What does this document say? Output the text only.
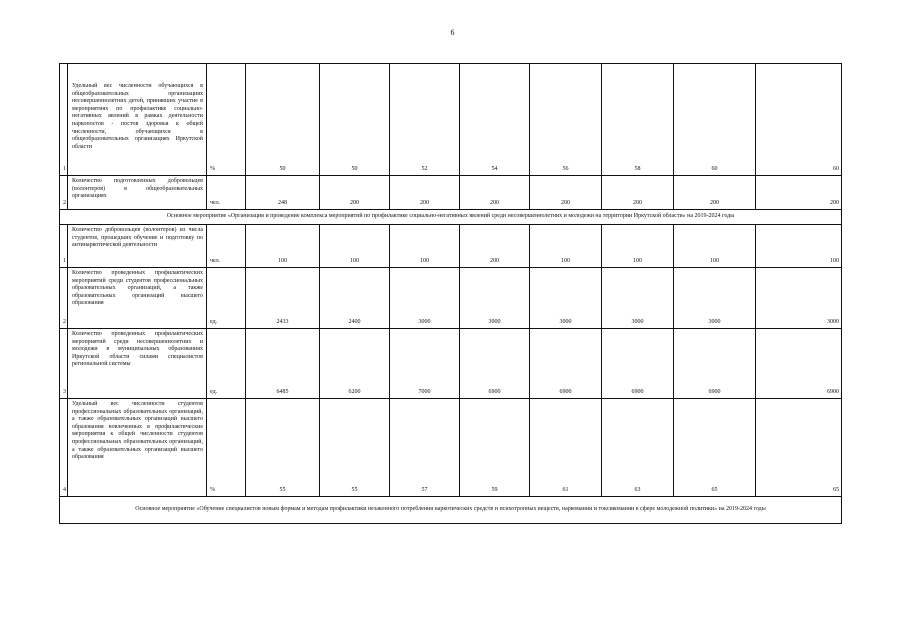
6
1	Удельный вес численности обучающихся в общеобразовательных организациях несовершеннолетних детей, принявших участие в мероприятиях по профилактике социально-негативных явлений в рамках деятельности наркопостов - постов здоровья к общей численности, обучающихся в общеобразовательных организациях Иркутской области	%	50	50	52	54	56	58	60	60
2	Количество подготовленных добровольцев (волонтеров) в общеобразовательных организациях	чел.	248	200	200	200	200	200	200	200
Основное мероприятие «Организация и проведение комплекса мероприятий по профилактике социально-негативных явлений среди несовершеннолетних и молодежи на территории Иркутской области» на 2019-2024 годы										
1	Количество добровольцев (волонтеров) из числа студентов, прошедших обучение и подготовку по антинаркотической деятельности	чел.	100	100	100	200	100	100	100	100
2	Количество проведенных профилактических мероприятий среди студентов профессиональных образовательных организаций, а также образовательных организаций высшего образования	ед.	2433	2400	3000	3000	3000	3000	3000	3000
3	Количество проведенных профилактических мероприятий среди несовершеннолетних и молодежи в муниципальных образованиях Иркутской области силами специалистов региональной системы	ед.	6485	6200	7000	6900	6900	6900	6900	6900
4	Удельный вес численности студентов профессиональных образовательных организаций, а также образовательных организаций высшего образования вовлеченных в профилактические мероприятия к общей численности студентов профессиональных образовательных организаций, а также образовательных организаций высшего образования	%	55	55	57	59	61	63	65	65
Основное мероприятие «Обучение специалистов новым формам и методам профилактики незаконного потребления наркотических средств и психотропных веществ, наркомании и токсикомании в сфере молодежной политики» на 2019-2024 годы										
